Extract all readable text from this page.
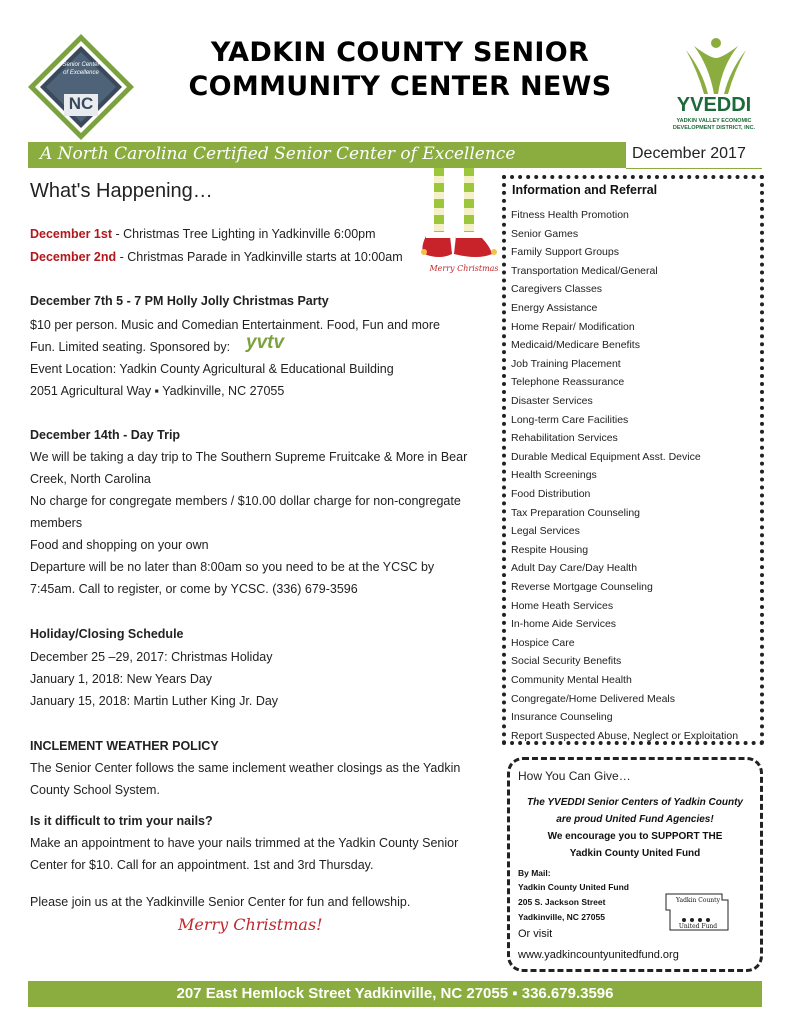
Senior Center
of Excellence
NC
YADKIN COUNTY SENIOR
COMMUNITY CENTER NEWS
YVEDDI
YADKIN VALLEY ECONOMIC
DEVELOPMENT DISTRICT, INC.
A North Carolina Certified Senior Center of Excellence	December 2017
What's Happening…
Merry Christmas
December 1st - Christmas Tree Lighting in Yadkinville 6:00pm
December 2nd - Christmas Parade in Yadkinville starts at 10:00am
December 7th 5 - 7 PM Holly Jolly Christmas Party
$10 per person. Music and Comedian Entertainment. Food, Fun and more
Fun. Limited seating. Sponsored by: yvtv
Event Location: Yadkin County Agricultural & Educational Building
2051 Agricultural Way ▪ Yadkinville, NC 27055
December 14th - Day Trip
We will be taking a day trip to The Southern Supreme Fruitcake & More in Bear
Creek, North Carolina
No charge for congregate members / $10.00 dollar charge for non-congregate
members
Food and shopping on your own
Departure will be no later than 8:00am so you need to be at the YCSC by
7:45am. Call to register, or come by YCSC. (336) 679-3596
Holiday/Closing Schedule
December 25 –29, 2017: Christmas Holiday
January 1, 2018: New Years Day
January 15, 2018: Martin Luther King Jr. Day
INCLEMENT WEATHER POLICY
The Senior Center follows the same inclement weather closings as the Yadkin
County School System.
Is it difficult to trim your nails?
Make an appointment to have your nails trimmed at the Yadkin County Senior
Center for $10. Call for an appointment. 1st and 3rd Thursday.
Please join us at the Yadkinville Senior Center for fun and fellowship.
Merry Christmas!
Information and Referral
Fitness Health Promotion
Senior Games
Family Support Groups
Transportation Medical/General
Caregivers Classes
Energy Assistance
Home Repair/ Modification
Medicaid/Medicare Benefits
Job Training Placement
Telephone Reassurance
Disaster Services
Long-term Care Facilities
Rehabilitation Services
Durable Medical Equipment Asst. Device
Health Screenings
Food Distribution
Tax Preparation Counseling
Legal Services
Respite Housing
Adult Day Care/Day Health
Reverse Mortgage Counseling
Home Heath Services
In-home Aide Services
Hospice Care
Social Security Benefits
Community Mental Health
Congregate/Home Delivered Meals
Insurance Counseling
Report Suspected Abuse, Neglect or Exploitation
How You Can Give…
The YVEDDI Senior Centers of Yadkin County
are proud United Fund Agencies!
We encourage you to SUPPORT THE
Yadkin County United Fund
By Mail:
Yadkin County United Fund
205 S. Jackson Street
Yadkinville, NC 27055
Or visit
www.yadkincountyunitedfund.org
Yadkin County
United Fund
207 East Hemlock Street Yadkinville, NC 27055 ▪ 336.679.3596
